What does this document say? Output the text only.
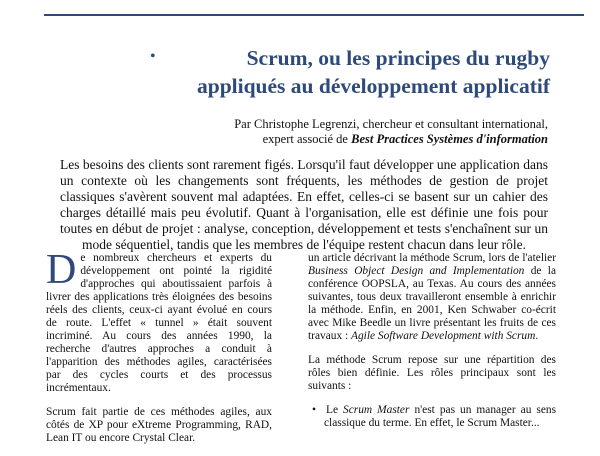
•	Scrum, ou les principes du rugby
appliqués au développement applicatif
Par Christophe Legrenzi, chercheur et consultant international,
expert associé de Best Practices Systèmes d'information

Les besoins des clients sont rarement figés. Lorsqu'il faut développer une application dans un contexte où les changements sont fréquents, les méthodes de gestion de projet classiques s'avèrent souvent mal adaptées. En effet, celles-ci se basent sur un cahier des charges détaillé mais peu évolutif. Quant à l'organisation, elle est définie une fois pour toutes en début de projet : analyse, conception, développement et tests s'enchaînent sur un mode séquentiel, tandis que les membres de l'équipe restent chacun dans leur rôle.

De nombreux chercheurs et experts du développement ont pointé la rigidité d'approches qui aboutissaient parfois à livrer des applications très éloignées des besoins réels des clients, ceux-ci ayant évolué en cours de route. L'effet « tunnel » était souvent incriminé. Au cours des années 1990, la recherche d'autres approches a conduit à l'apparition des méthodes agiles, caractérisées par des cycles courts et des processus incrémentaux.

Scrum fait partie de ces méthodes agiles, aux côtés de XP pour eXtreme Programming, RAD, Lean IT ou encore Crystal Clear.

un article décrivant la méthode Scrum, lors de l'atelier Business Object Design and Implementation de la conférence OOPSLA, au Texas. Au cours des années suivantes, tous deux travailleront ensemble à enrichir la méthode. Enfin, en 2001, Ken Schwaber co-écrit avec Mike Beedle un livre présentant les fruits de ces travaux : Agile Software Development with Scrum.

La méthode Scrum repose sur une répartition des rôles bien définie. Les rôles principaux sont les suivants :

• Le Scrum Master n'est pas un manager au sens classique du terme. En effet, le Scrum Master...
